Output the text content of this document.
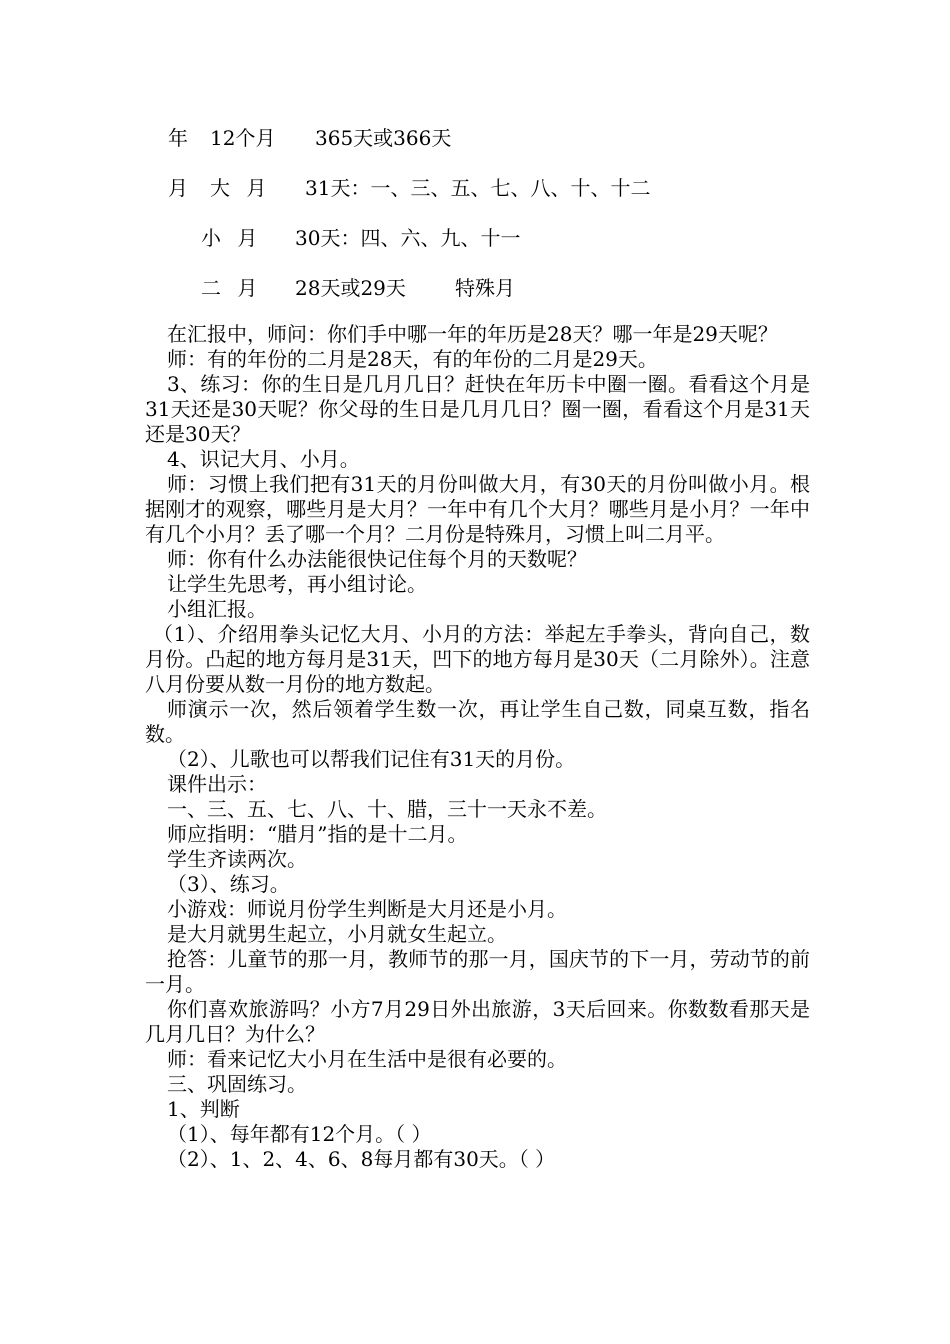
年 12个月 365天或366天
月 大 月 31天：一、三、五、七、八、十、十二
小 月 30天：四、六、九、十一
二 月 28天或29天 特殊月

在汇报中，师问：你们手中哪一年的年历是28天？哪一年是29天呢？

师：有的年份的二月是28天，有的年份的二月是29天。

3、练习：你的生日是几月几日？赶快在年历卡中圈一圈。看看这个月是31天还是30天呢？你父母的生日是几月几日？圈一圈，看看这个月是31天还是30天？

4、识记大月、小月。

师：习惯上我们把有31天的月份叫做大月，有30天的月份叫做小月。根据刚才的观察，哪些月是大月？一年中有几个大月？哪些月是小月？一年中有几个小月？丢了哪一个月？二月份是特殊月，习惯上叫二月平。

师：你有什么办法能很快记住每个月的天数呢？

让学生先思考，再小组讨论。

小组汇报。

（1）、介绍用拳头记忆大月、小月的方法：举起左手拳头，背向自己，数月份。凸起的地方每月是31天，凹下的地方每月是30天（二月除外）。注意八月份要从数一月份的地方数起。

师演示一次，然后领着学生数一次，再让学生自己数，同桌互数，指名数。

（2）、儿歌也可以帮我们记住有31天的月份。

课件出示：

一、三、五、七、八、十、腊，三十一天永不差。

师应指明：“腊月”指的是十二月。

学生齐读两次。

（3）、练习。

小游戏：师说月份学生判断是大月还是小月。

是大月就男生起立，小月就女生起立。

抢答：儿童节的那一月，教师节的那一月，国庆节的下一月，劳动节的前一月。

你们喜欢旅游吗？小方7月29日外出旅游，3天后回来。你数数看那天是几月几日？为什么？

师：看来记忆大小月在生活中是很有必要的。

三、巩固练习。

1、判断

（1）、每年都有12个月。（ ）

（2）、1、2、4、6、8每月都有30天。（ ）
